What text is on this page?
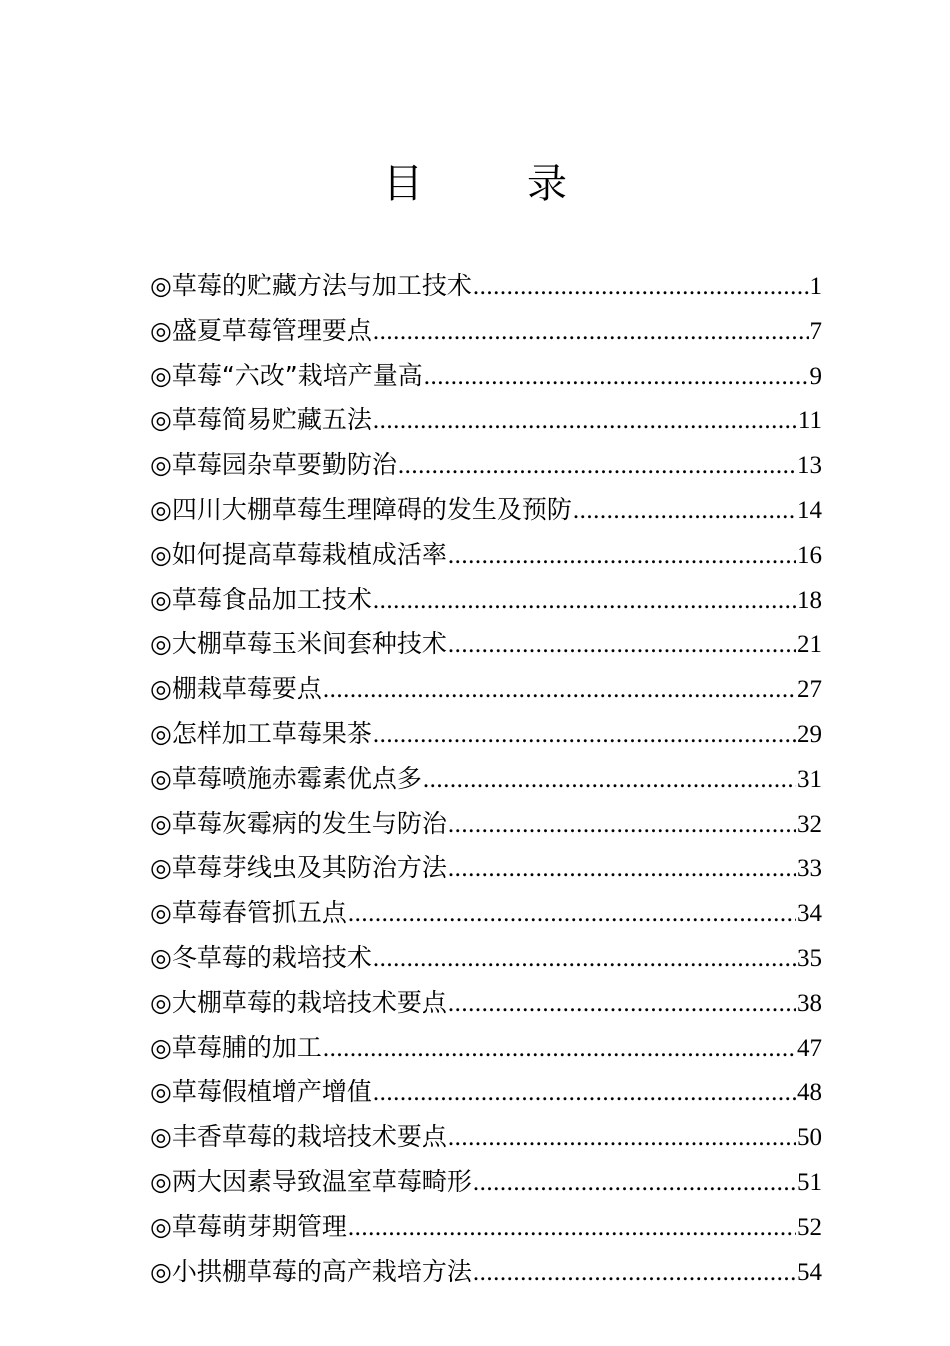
目　录
◎草莓的贮藏方法与加工技术 .....	1
◎盛夏草莓管理要点 .....	7
◎草莓“六改”栽培产量高 .....	9
◎草莓简易贮藏五法 .....	11
◎草莓园杂草要勤防治 .....	13
◎四川大棚草莓生理障碍的发生及预防 .....	14
◎如何提高草莓栽植成活率 .....	16
◎草莓食品加工技术 .....	18
◎大棚草莓玉米间套种技术 .....	21
◎棚栽草莓要点 .....	27
◎怎样加工草莓果茶 .....	29
◎草莓喷施赤霉素优点多 .....	31
◎草莓灰霉病的发生与防治 .....	32
◎草莓芽线虫及其防治方法 .....	33
◎草莓春管抓五点 .....	34
◎冬草莓的栽培技术 .....	35
◎大棚草莓的栽培技术要点 .....	38
◎草莓脯的加工 .....	47
◎草莓假植增产增值 .....	48
◎丰香草莓的栽培技术要点 .....	50
◎两大因素导致温室草莓畸形 .....	51
◎草莓萌芽期管理 .....	52
◎小拱棚草莓的高产栽培方法 .....	54
